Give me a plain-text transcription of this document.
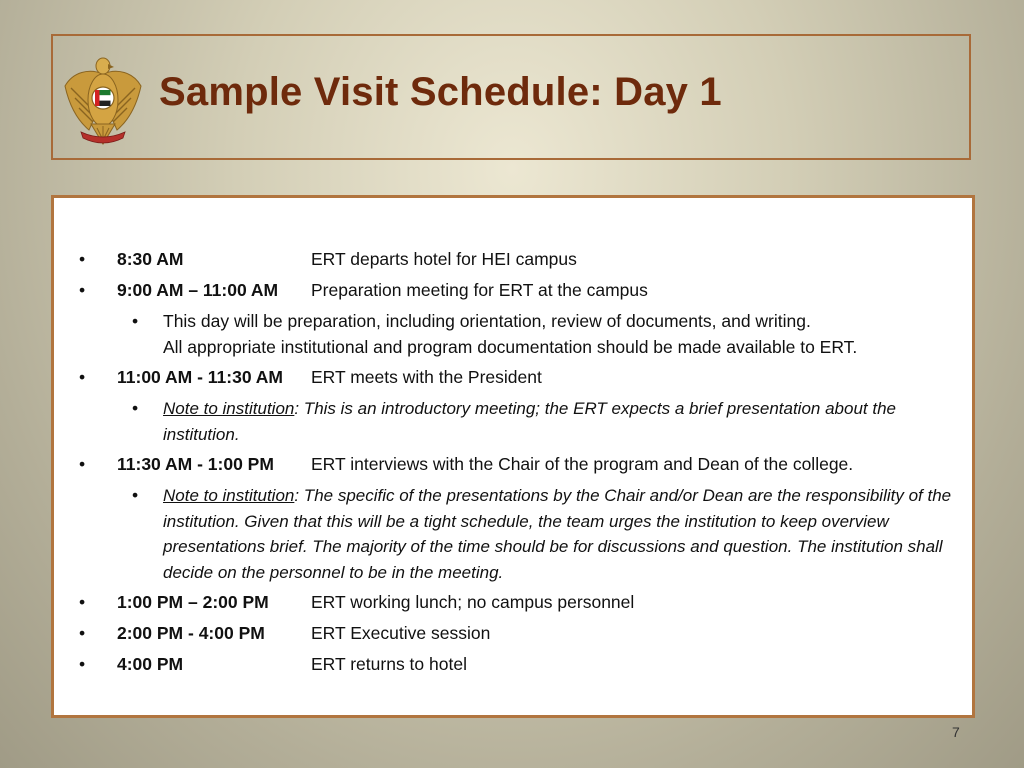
Sample Visit Schedule: Day 1
• 8:30 AM	ERT departs hotel for HEI campus
• 9:00 AM – 11:00 AM Preparation meeting for ERT at the campus
• This day will be preparation, including orientation, review of documents, and writing.
All appropriate institutional and program documentation should be made available to ERT.
• 11:00 AM - 11:30 AM ERT meets with the President
• Note to institution: This is an introductory meeting; the ERT expects a brief presentation about the institution.
• 11:30 AM - 1:00 PM ERT interviews with the Chair of the program and Dean of the college.
• Note to institution: The specific of the presentations by the Chair and/or Dean are the responsibility of the institution. Given that this will be a tight schedule, the team urges the institution to keep overview presentations brief. The majority of the time should be for discussions and question. The institution shall decide on the personnel to be in the meeting.
• 1:00 PM – 2:00 PM ERT working lunch; no campus personnel
• 2:00 PM - 4:00 PM	ERT Executive session
• 4:00 PM	ERT returns to hotel
7
